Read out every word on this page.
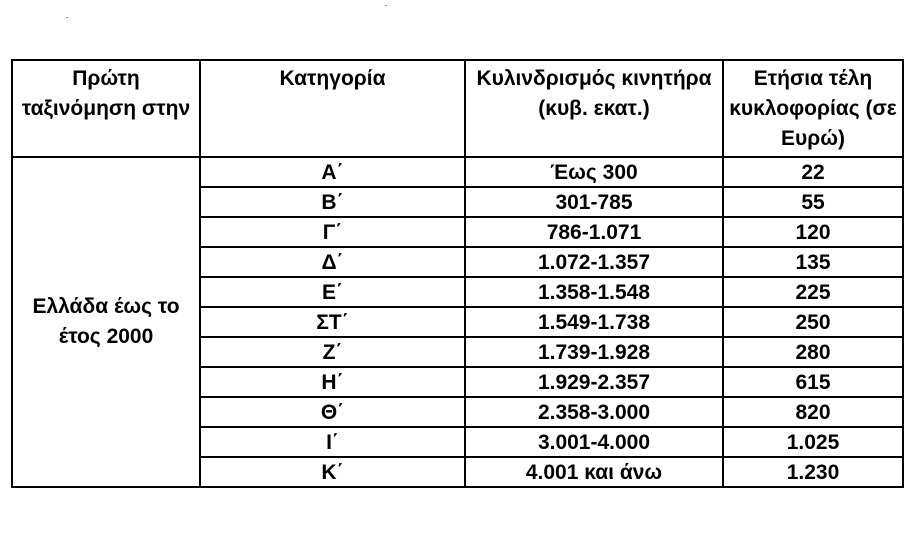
Πρώτη ταξινόμηση στην	Κατηγορία	Κυλινδρισμός κινητήρα (κυβ. εκατ.)	Ετήσια τέλη κυκλοφορίας (σε Ευρώ)

Ελλάδα έως το έτος 2000	Α΄	Έως 300	22
	Β΄	301-785	55
	Γ΄	786-1.071	120
	Δ΄	1.072-1.357	135
	Ε΄	1.358-1.548	225
	ΣΤ΄	1.549-1.738	250
	Ζ΄	1.739-1.928	280
	Η΄	1.929-2.357	615
	Θ΄	2.358-3.000	820
	Ι΄	3.001-4.000	1.025
	Κ΄	4.001 και άνω	1.230
